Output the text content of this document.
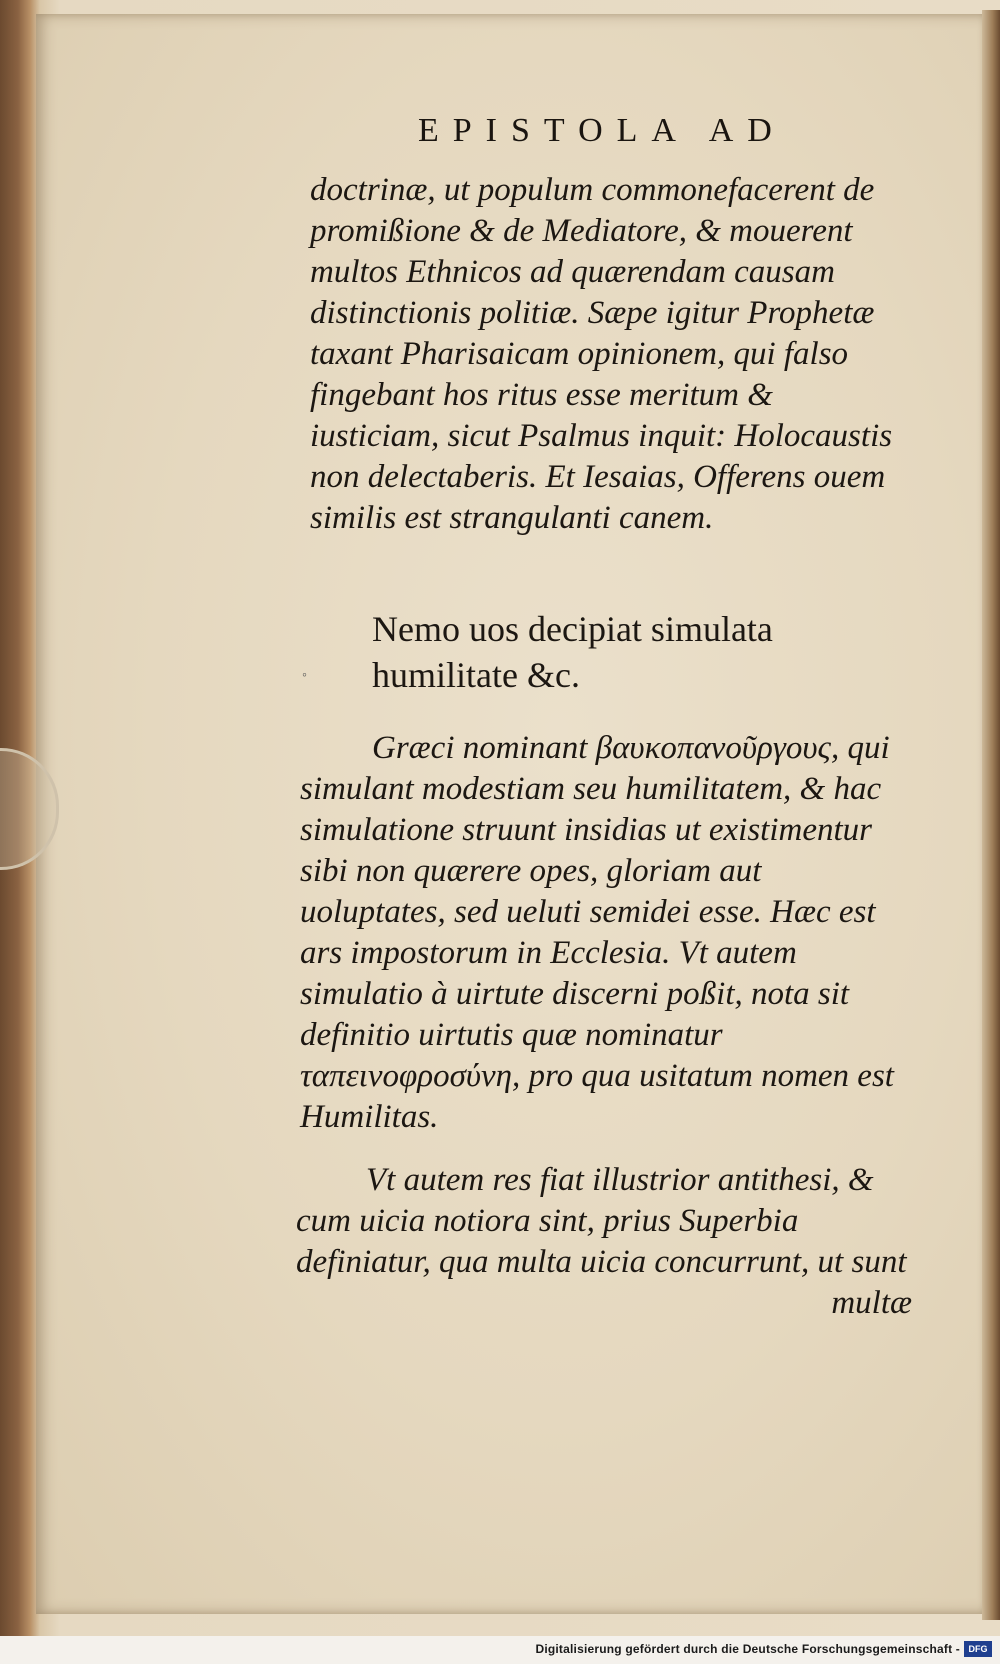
EPISTOLA AD

doctrinæ, ut populum commonefacerent de promißione & de Mediatore, & mouerent multos Ethnicos ad quærendam causam distinctionis politiæ. Sæpe igitur Prophetæ taxant Pharisaicam opinionem, qui falso fingebant hos ritus esse meritum & iusticiam, sicut Psalmus inquit: Holocaustis non delectaberis. Et Iesaias, Offerens ouem similis est strangulanti canem.

◦

Nemo uos decipiat simulata humilitate &c.

Græci nominant βαυκοπανοῦργους, qui simulant modestiam seu humilitatem, & hac simulatione struunt insidias ut existimentur sibi non quærere opes, gloriam aut uoluptates, sed ueluti semidei esse. Hæc est ars impostorum in Ecclesia. Vt autem simulatio à uirtute discerni poßit, nota sit definitio uirtutis quæ nominatur ταπεινοφροσύνη, pro qua usitatum nomen est Humilitas.

Vt autem res fiat illustrior antithesi, & cum uicia notiora sint, prius Superbia definiatur, qua multa uicia concurrunt, ut sunt

multæ
Digitalisierung gefördert durch die Deutsche Forschungsgemeinschaft - DFG
